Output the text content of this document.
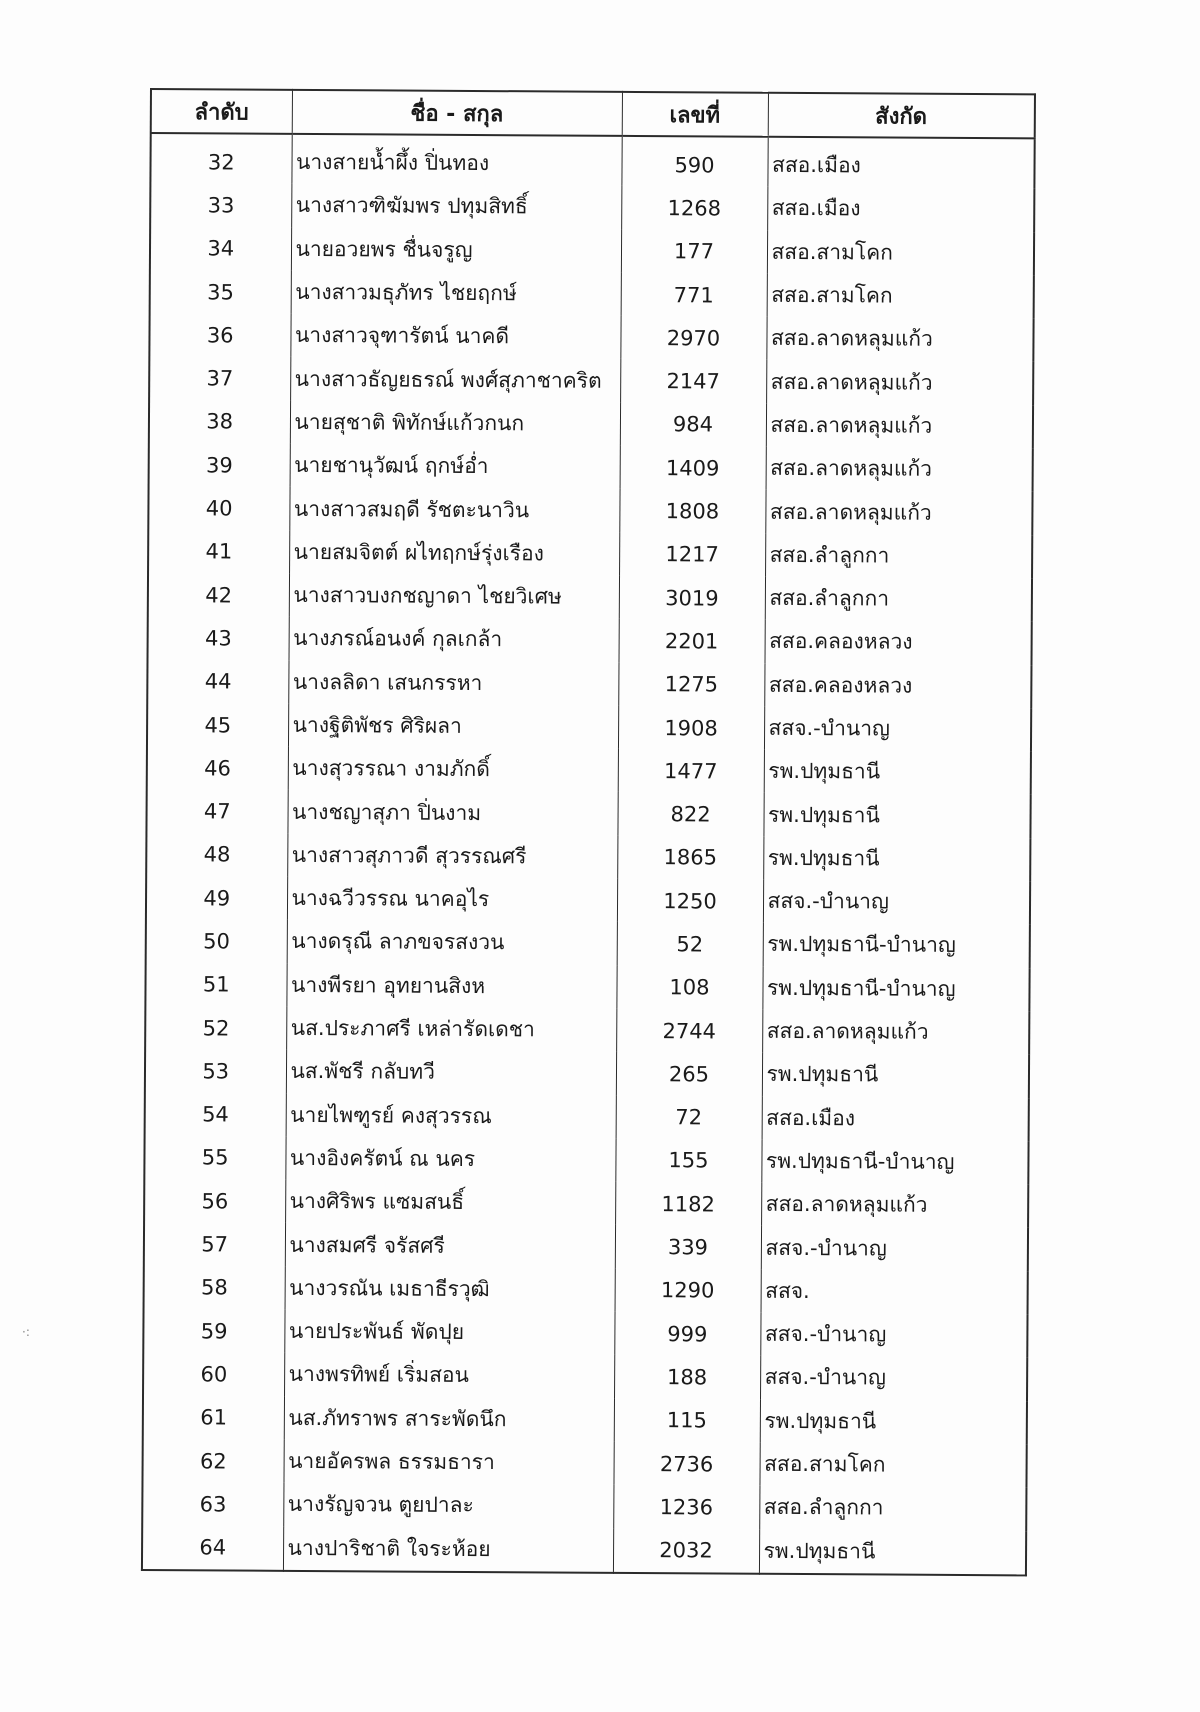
ลำดับ	ชื่อ - สกุล	เลขที่	สังกัด
32	นางสายน้ำผึ้ง ปิ่นทอง	590	สสอ.เมือง
33	นางสาวฑิฆัมพร ปทุมสิทธิ์	1268	สสอ.เมือง
34	นายอวยพร ชื่นจรูญ	177	สสอ.สามโคก
35	นางสาวมธุภัทร ไชยฤกษ์	771	สสอ.สามโคก
36	นางสาวจุฑารัตน์ นาคดี	2970	สสอ.ลาดหลุมแก้ว
37	นางสาวธัญยธรณ์ พงศ์สุภาชาคริต	2147	สสอ.ลาดหลุมแก้ว
38	นายสุชาติ พิทักษ์แก้วกนก	984	สสอ.ลาดหลุมแก้ว
39	นายชานุวัฒน์ ฤกษ์อ่ำ	1409	สสอ.ลาดหลุมแก้ว
40	นางสาวสมฤดี รัชตะนาวิน	1808	สสอ.ลาดหลุมแก้ว
41	นายสมจิตต์ ผไทฤกษ์รุ่งเรือง	1217	สสอ.ลำลูกกา
42	นางสาวบงกชญาดา ไชยวิเศษ	3019	สสอ.ลำลูกกา
43	นางภรณ์อนงค์ กุลเกล้า	2201	สสอ.คลองหลวง
44	นางลลิดา เสนกรรหา	1275	สสอ.คลองหลวง
45	นางฐิติพัชร ศิริผลา	1908	สสจ.-บำนาญ
46	นางสุวรรณา งามภักดิ์	1477	รพ.ปทุมธานี
47	นางชญาสุภา ปิ่นงาม	822	รพ.ปทุมธานี
48	นางสาวสุภาวดี สุวรรณศรี	1865	รพ.ปทุมธานี
49	นางฉวีวรรณ นาคอุไร	1250	สสจ.-บำนาญ
50	นางดรุณี ลาภขจรสงวน	52	รพ.ปทุมธานี-บำนาญ
51	นางพีรยา อุทยานสิงห	108	รพ.ปทุมธานี-บำนาญ
52	นส.ประภาศรี เหล่ารัดเดชา	2744	สสอ.ลาดหลุมแก้ว
53	นส.พัชรี กลับทวี	265	รพ.ปทุมธานี
54	นายไพฑูรย์ คงสุวรรณ	72	สสอ.เมือง
55	นางอิงครัตน์ ณ นคร	155	รพ.ปทุมธานี-บำนาญ
56	นางศิริพร แซมสนธิ์	1182	สสอ.ลาดหลุมแก้ว
57	นางสมศรี จรัสศรี	339	สสจ.-บำนาญ
58	นางวรณัน เมธาธีรวุฒิ	1290	สสจ.
59	นายประพันธ์ พัดปุย	999	สสจ.-บำนาญ
60	นางพรทิพย์ เริ่มสอน	188	สสจ.-บำนาญ
61	นส.ภัทราพร สาระพัดนึก	115	รพ.ปทุมธานี
62	นายอัครพล ธรรมธารา	2736	สสอ.สามโคก
63	นางรัญจวน ตูยปาละ	1236	สสอ.ลำลูกกา
64	นางปาริชาติ ใจระห้อย	2032	รพ.ปทุมธานี
·:
